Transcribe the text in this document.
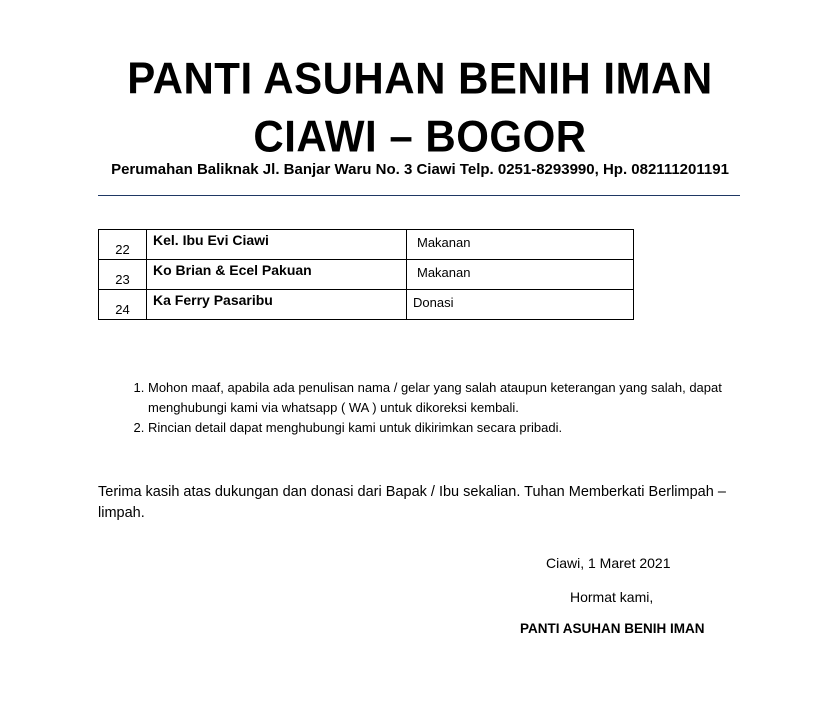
PANTI ASUHAN BENIH IMAN
CIAWI – BOGOR
Perumahan Baliknak Jl. Banjar Waru No. 3 Ciawi Telp. 0251-8293990, Hp. 082111201191
22	Kel. Ibu Evi Ciawi	Makanan
23	Ko Brian & Ecel Pakuan	Makanan
24	Ka Ferry Pasaribu	Donasi
1. Mohon maaf, apabila ada penulisan nama / gelar yang salah ataupun keterangan yang salah, dapat menghubungi kami via whatsapp ( WA ) untuk dikoreksi kembali.
2. Rincian detail dapat menghubungi kami untuk dikirimkan secara pribadi.
Terima kasih atas dukungan dan donasi dari Bapak / Ibu sekalian. Tuhan Memberkati Berlimpah – limpah.
Ciawi, 1 Maret 2021
Hormat kami,
PANTI ASUHAN BENIH IMAN
